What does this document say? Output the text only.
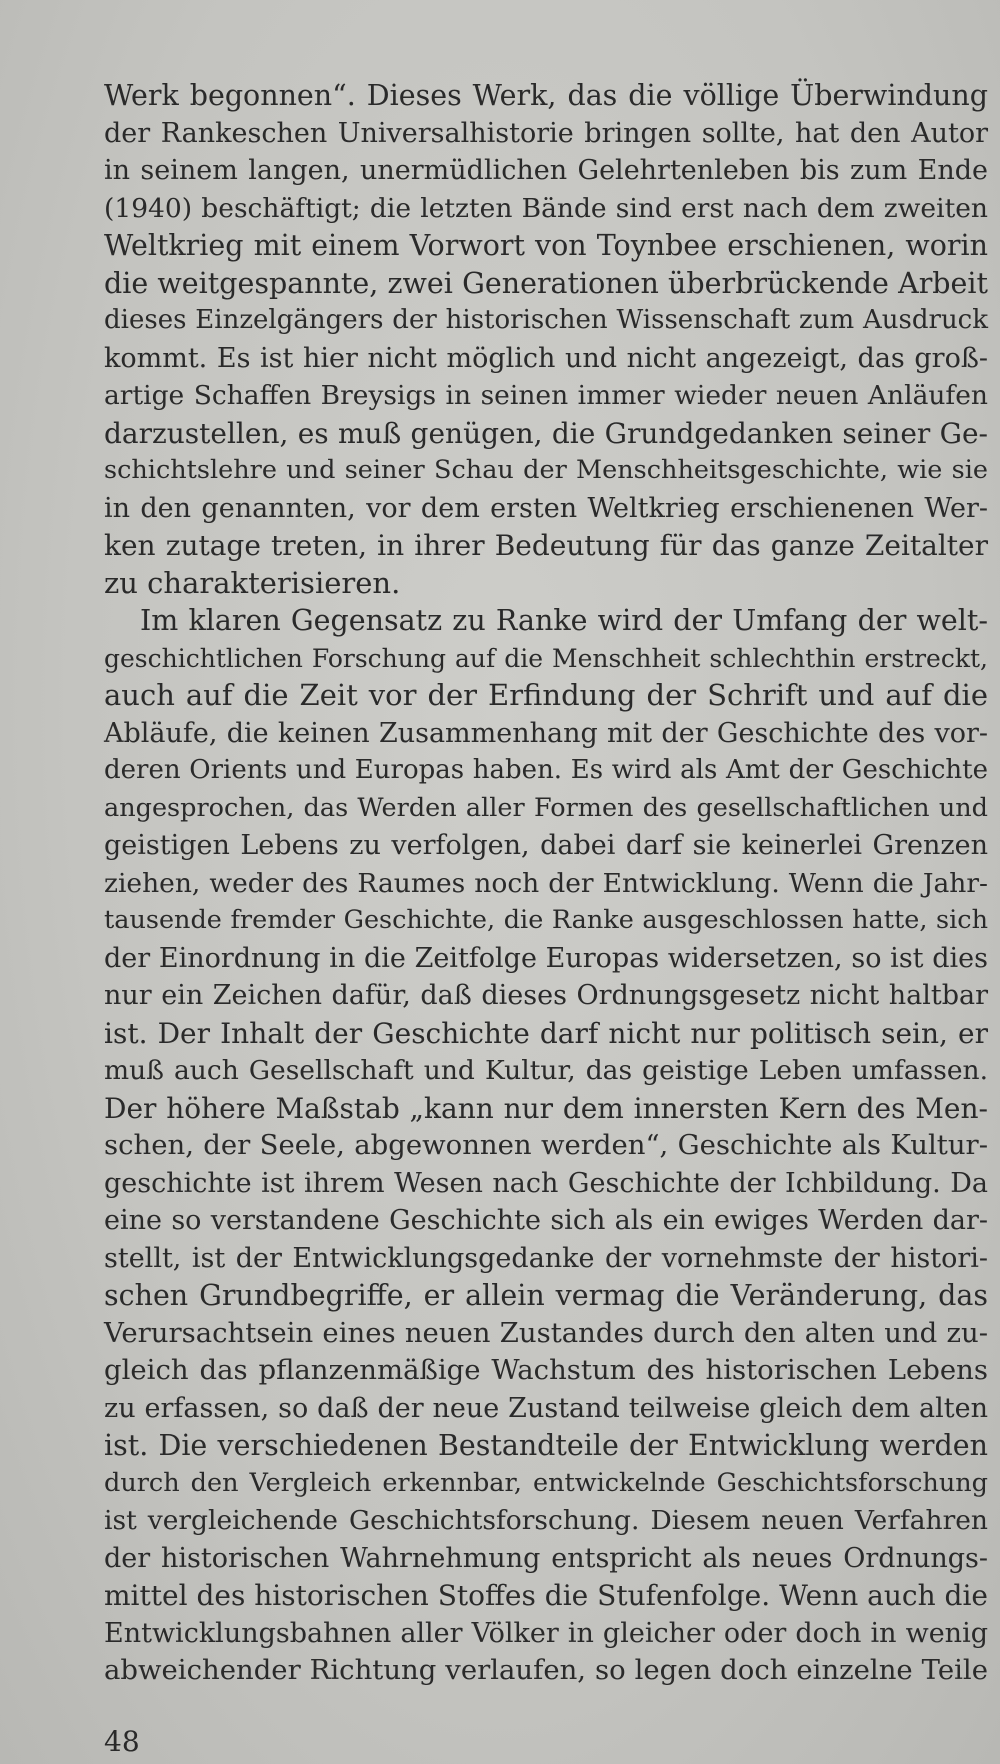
Werk begonnen“. Dieses Werk, das die völlige Überwindung
der Rankeschen Universalhistorie bringen sollte, hat den Autor
in seinem langen, unermüdlichen Gelehrtenleben bis zum Ende
(1940) beschäftigt; die letzten Bände sind erst nach dem zweiten
Weltkrieg mit einem Vorwort von Toynbee erschienen, worin
die weitgespannte, zwei Generationen überbrückende Arbeit
dieses Einzelgängers der historischen Wissenschaft zum Ausdruck
kommt. Es ist hier nicht möglich und nicht angezeigt, das groß-
artige Schaffen Breysigs in seinen immer wieder neuen Anläufen
darzustellen, es muß genügen, die Grundgedanken seiner Ge-
schichtslehre und seiner Schau der Menschheitsgeschichte, wie sie
in den genannten, vor dem ersten Weltkrieg erschienenen Wer-
ken zutage treten, in ihrer Bedeutung für das ganze Zeitalter
zu charakterisieren.
Im klaren Gegensatz zu Ranke wird der Umfang der welt-
geschichtlichen Forschung auf die Menschheit schlechthin erstreckt,
auch auf die Zeit vor der Erfindung der Schrift und auf die
Abläufe, die keinen Zusammenhang mit der Geschichte des vor-
deren Orients und Europas haben. Es wird als Amt der Geschichte
angesprochen, das Werden aller Formen des gesellschaftlichen und
geistigen Lebens zu verfolgen, dabei darf sie keinerlei Grenzen
ziehen, weder des Raumes noch der Entwicklung. Wenn die Jahr-
tausende fremder Geschichte, die Ranke ausgeschlossen hatte, sich
der Einordnung in die Zeitfolge Europas widersetzen, so ist dies
nur ein Zeichen dafür, daß dieses Ordnungsgesetz nicht haltbar
ist. Der Inhalt der Geschichte darf nicht nur politisch sein, er
muß auch Gesellschaft und Kultur, das geistige Leben umfassen.
Der höhere Maßstab „kann nur dem innersten Kern des Men-
schen, der Seele, abgewonnen werden“, Geschichte als Kultur-
geschichte ist ihrem Wesen nach Geschichte der Ichbildung. Da
eine so verstandene Geschichte sich als ein ewiges Werden dar-
stellt, ist der Entwicklungsgedanke der vornehmste der histori-
schen Grundbegriffe, er allein vermag die Veränderung, das
Verursachtsein eines neuen Zustandes durch den alten und zu-
gleich das pflanzenmäßige Wachstum des historischen Lebens
zu erfassen, so daß der neue Zustand teilweise gleich dem alten
ist. Die verschiedenen Bestandteile der Entwicklung werden
durch den Vergleich erkennbar, entwickelnde Geschichtsforschung
ist vergleichende Geschichtsforschung. Diesem neuen Verfahren
der historischen Wahrnehmung entspricht als neues Ordnungs-
mittel des historischen Stoffes die Stufenfolge. Wenn auch die
Entwicklungsbahnen aller Völker in gleicher oder doch in wenig
abweichender Richtung verlaufen, so legen doch einzelne Teile
48
